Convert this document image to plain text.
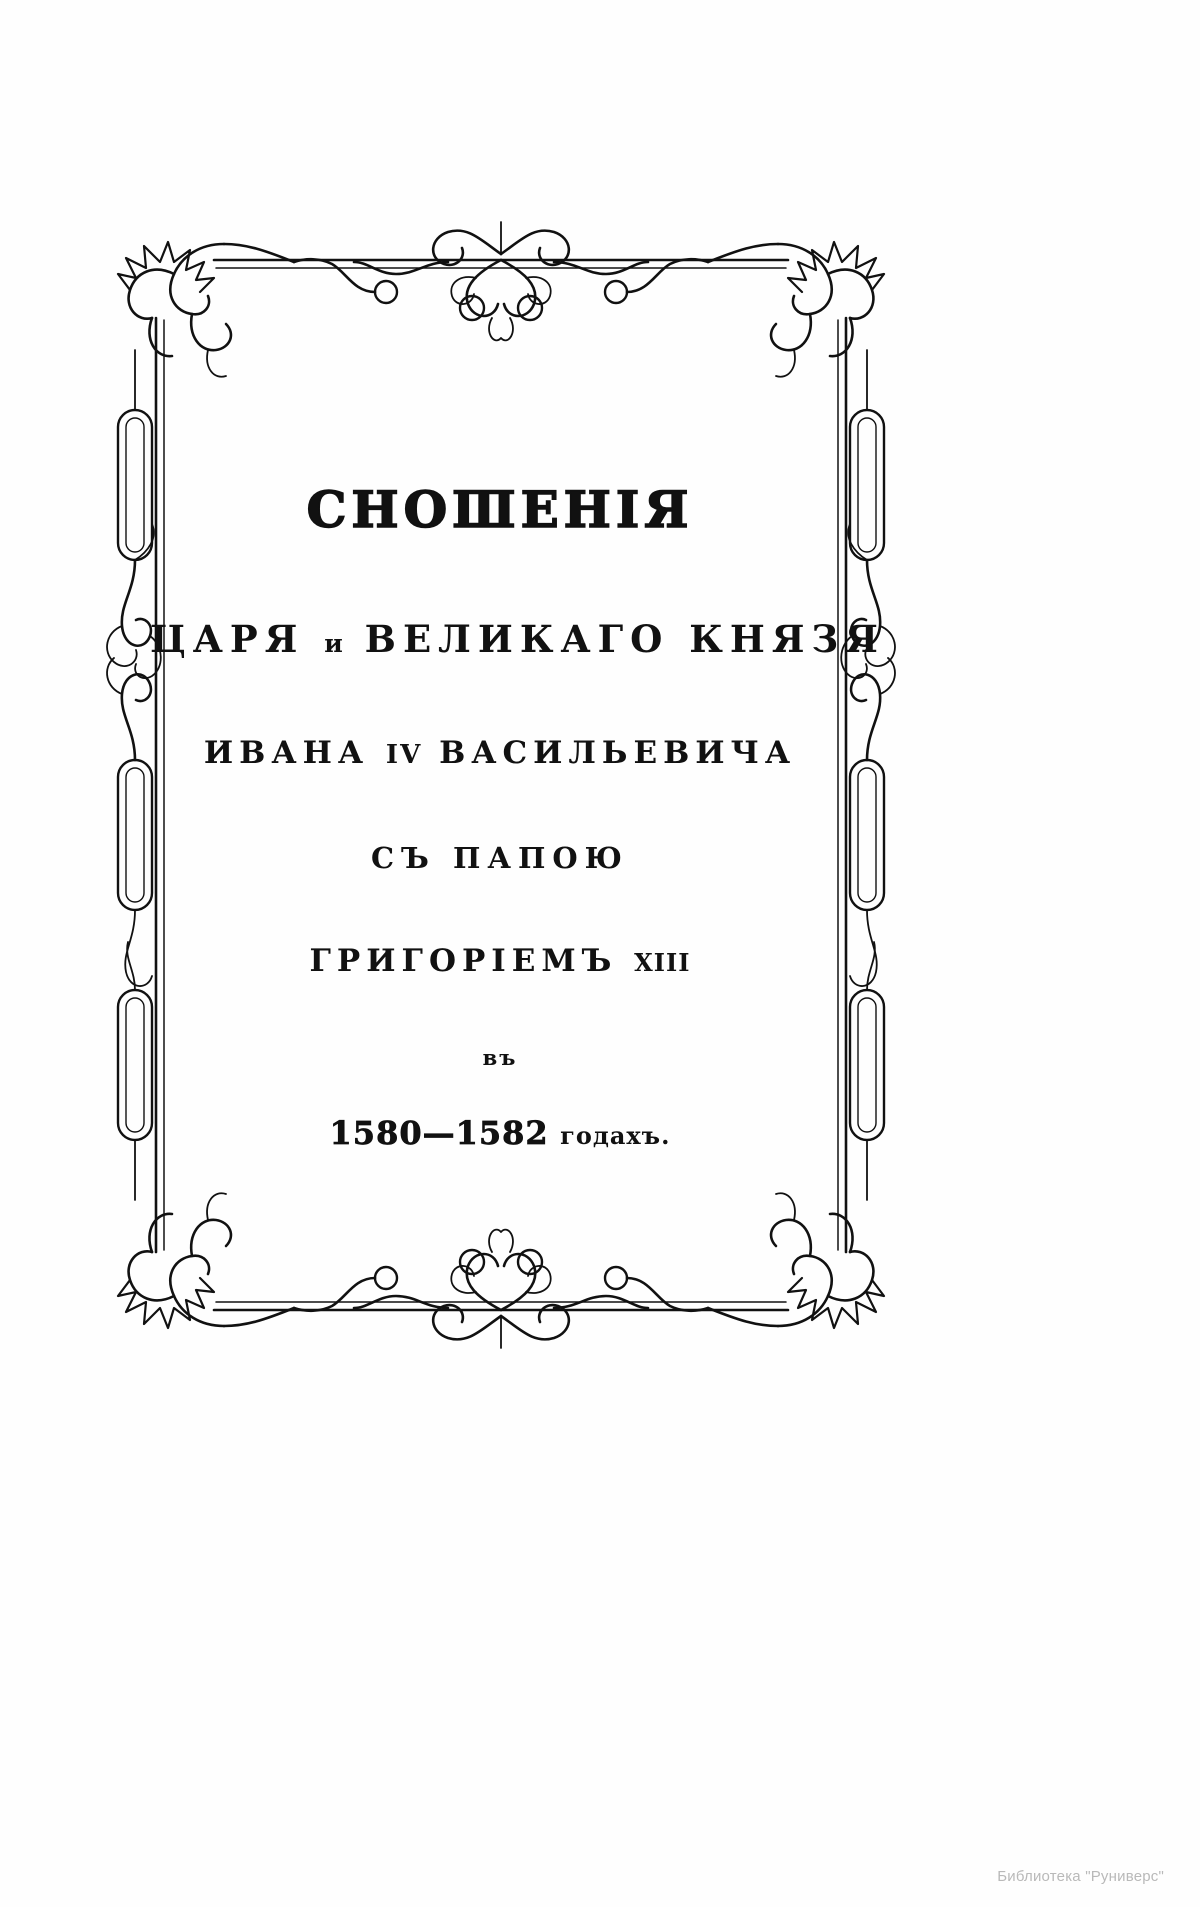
СНОШЕНІЯ
ЦАРЯ и ВЕЛИКАГО КНЯЗЯ
ИВАНА IV ВАСИЛЬЕВИЧА
СЪ ПАПОЮ
ГРИГОРІЕМЪ XIII
въ
1580—1582 годахъ.
Библиотека "Руниверс"
